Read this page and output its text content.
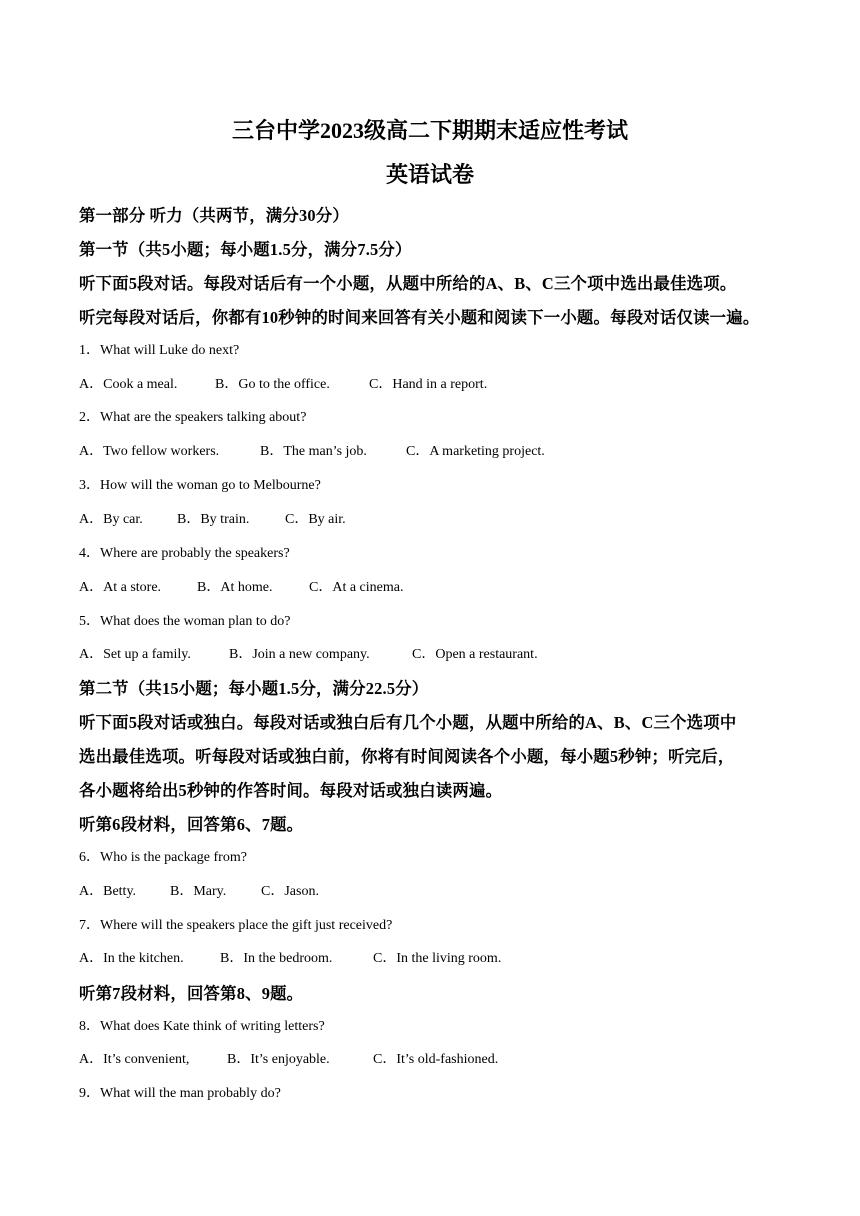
三台中学2023级高二下期期末适应性考试
英语试卷
第一部分 听力（共两节，满分30分）
第一节（共5小题；每小题1.5分，满分7.5分）
听下面5段对话。每段对话后有一个小题，从题中所给的A、B、C三个项中选出最佳选项。
听完每段对话后，你都有10秒钟的时间来回答有关小题和阅读下一小题。每段对话仅读一遍。
1．What will Luke do next?
A．Cook a meal.	B．Go to the office.	C．Hand in a report.
2．What are the speakers talking about?
A．Two fellow workers.	B．The man’s job.	C．A marketing project.
3．How will the woman go to Melbourne?
A．By car. B．By train.	C．By air.
4．Where are probably the speakers?
A．At a store.	B．At home.	C．At a cinema.
5．What does the woman plan to do?
A．Set up a family.	B．Join a new company.	C．Open a restaurant.
第二节（共15小题；每小题1.5分，满分22.5分）
听下面5段对话或独白。每段对话或独白后有几个小题，从题中所给的A、B、C三个选项中
选出最佳选项。听每段对话或独白前，你将有时间阅读各个小题，每小题5秒钟；听完后，
各小题将给出5秒钟的作答时间。每段对话或独白读两遍。
听第6段材料，回答第6、7题。
6．Who is the package from?
A．Betty. B．Mary. C．Jason.
7．Where will the speakers place the gift just received?
A．In the kitchen.	B．In the bedroom.	C．In the living room.
听第7段材料，回答第8、9题。
8．What does Kate think of writing letters?
A．It’s convenient,	B．It’s enjoyable.	C．It’s old-fashioned.
9．What will the man probably do?
